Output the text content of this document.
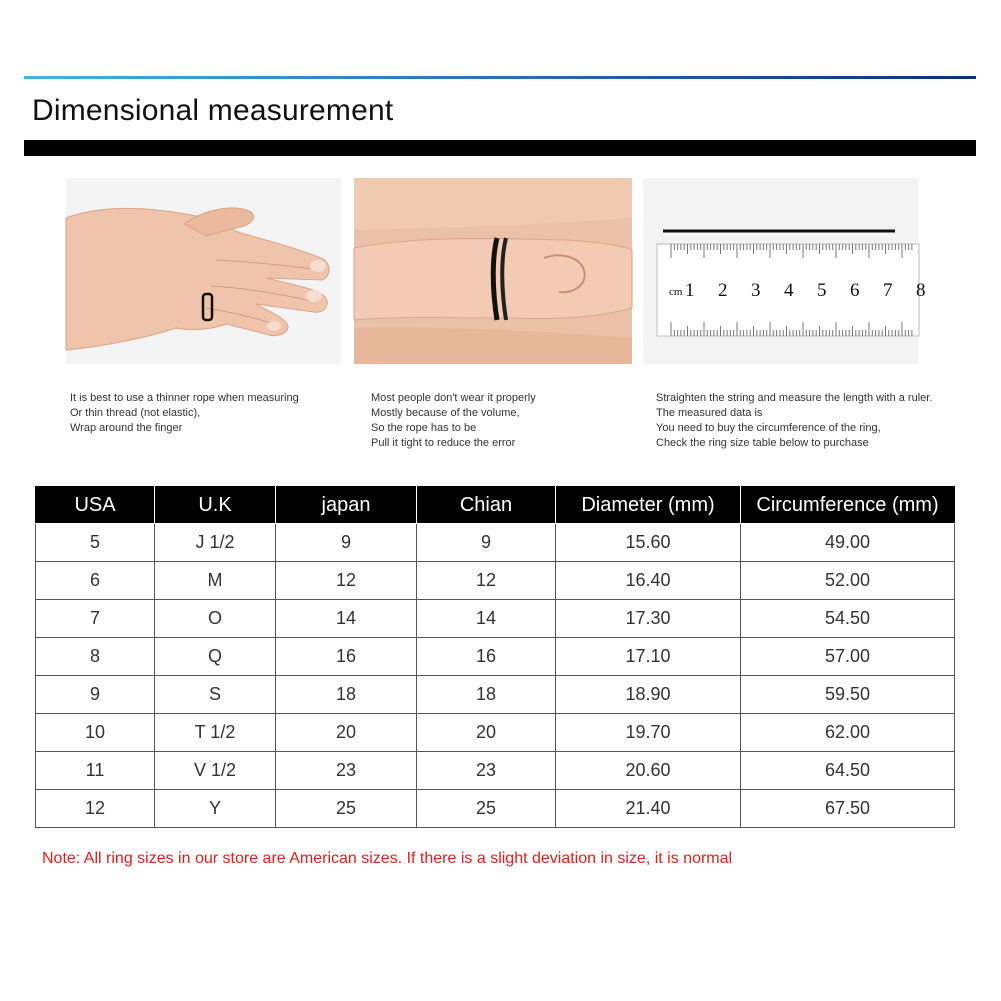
Dimensional measurement
cm 1 2 3 4 5 6 7 8
It is best to use a thinner rope when measuring
Or thin thread (not elastic),
Wrap around the finger
Most people don't wear it properly
Mostly because of the volume,
So the rope has to be
Pull it tight to reduce the error
Straighten the string and measure the length with a ruler.
The measured data is
You need to buy the circumference of the ring,
Check the ring size table below to purchase
USA	U.K	japan	Chian	Diameter (mm)	Circumference (mm)
5	J 1/2	9	9	15.60	49.00
6	M	12	12	16.40	52.00
7	O	14	14	17.30	54.50
8	Q	16	16	17.10	57.00
9	S	18	18	18.90	59.50
10	T 1/2	20	20	19.70	62.00
11	V 1/2	23	23	20.60	64.50
12	Y	25	25	21.40	67.50
Note: All ring sizes in our store are American sizes. If there is a slight deviation in size, it is normal
